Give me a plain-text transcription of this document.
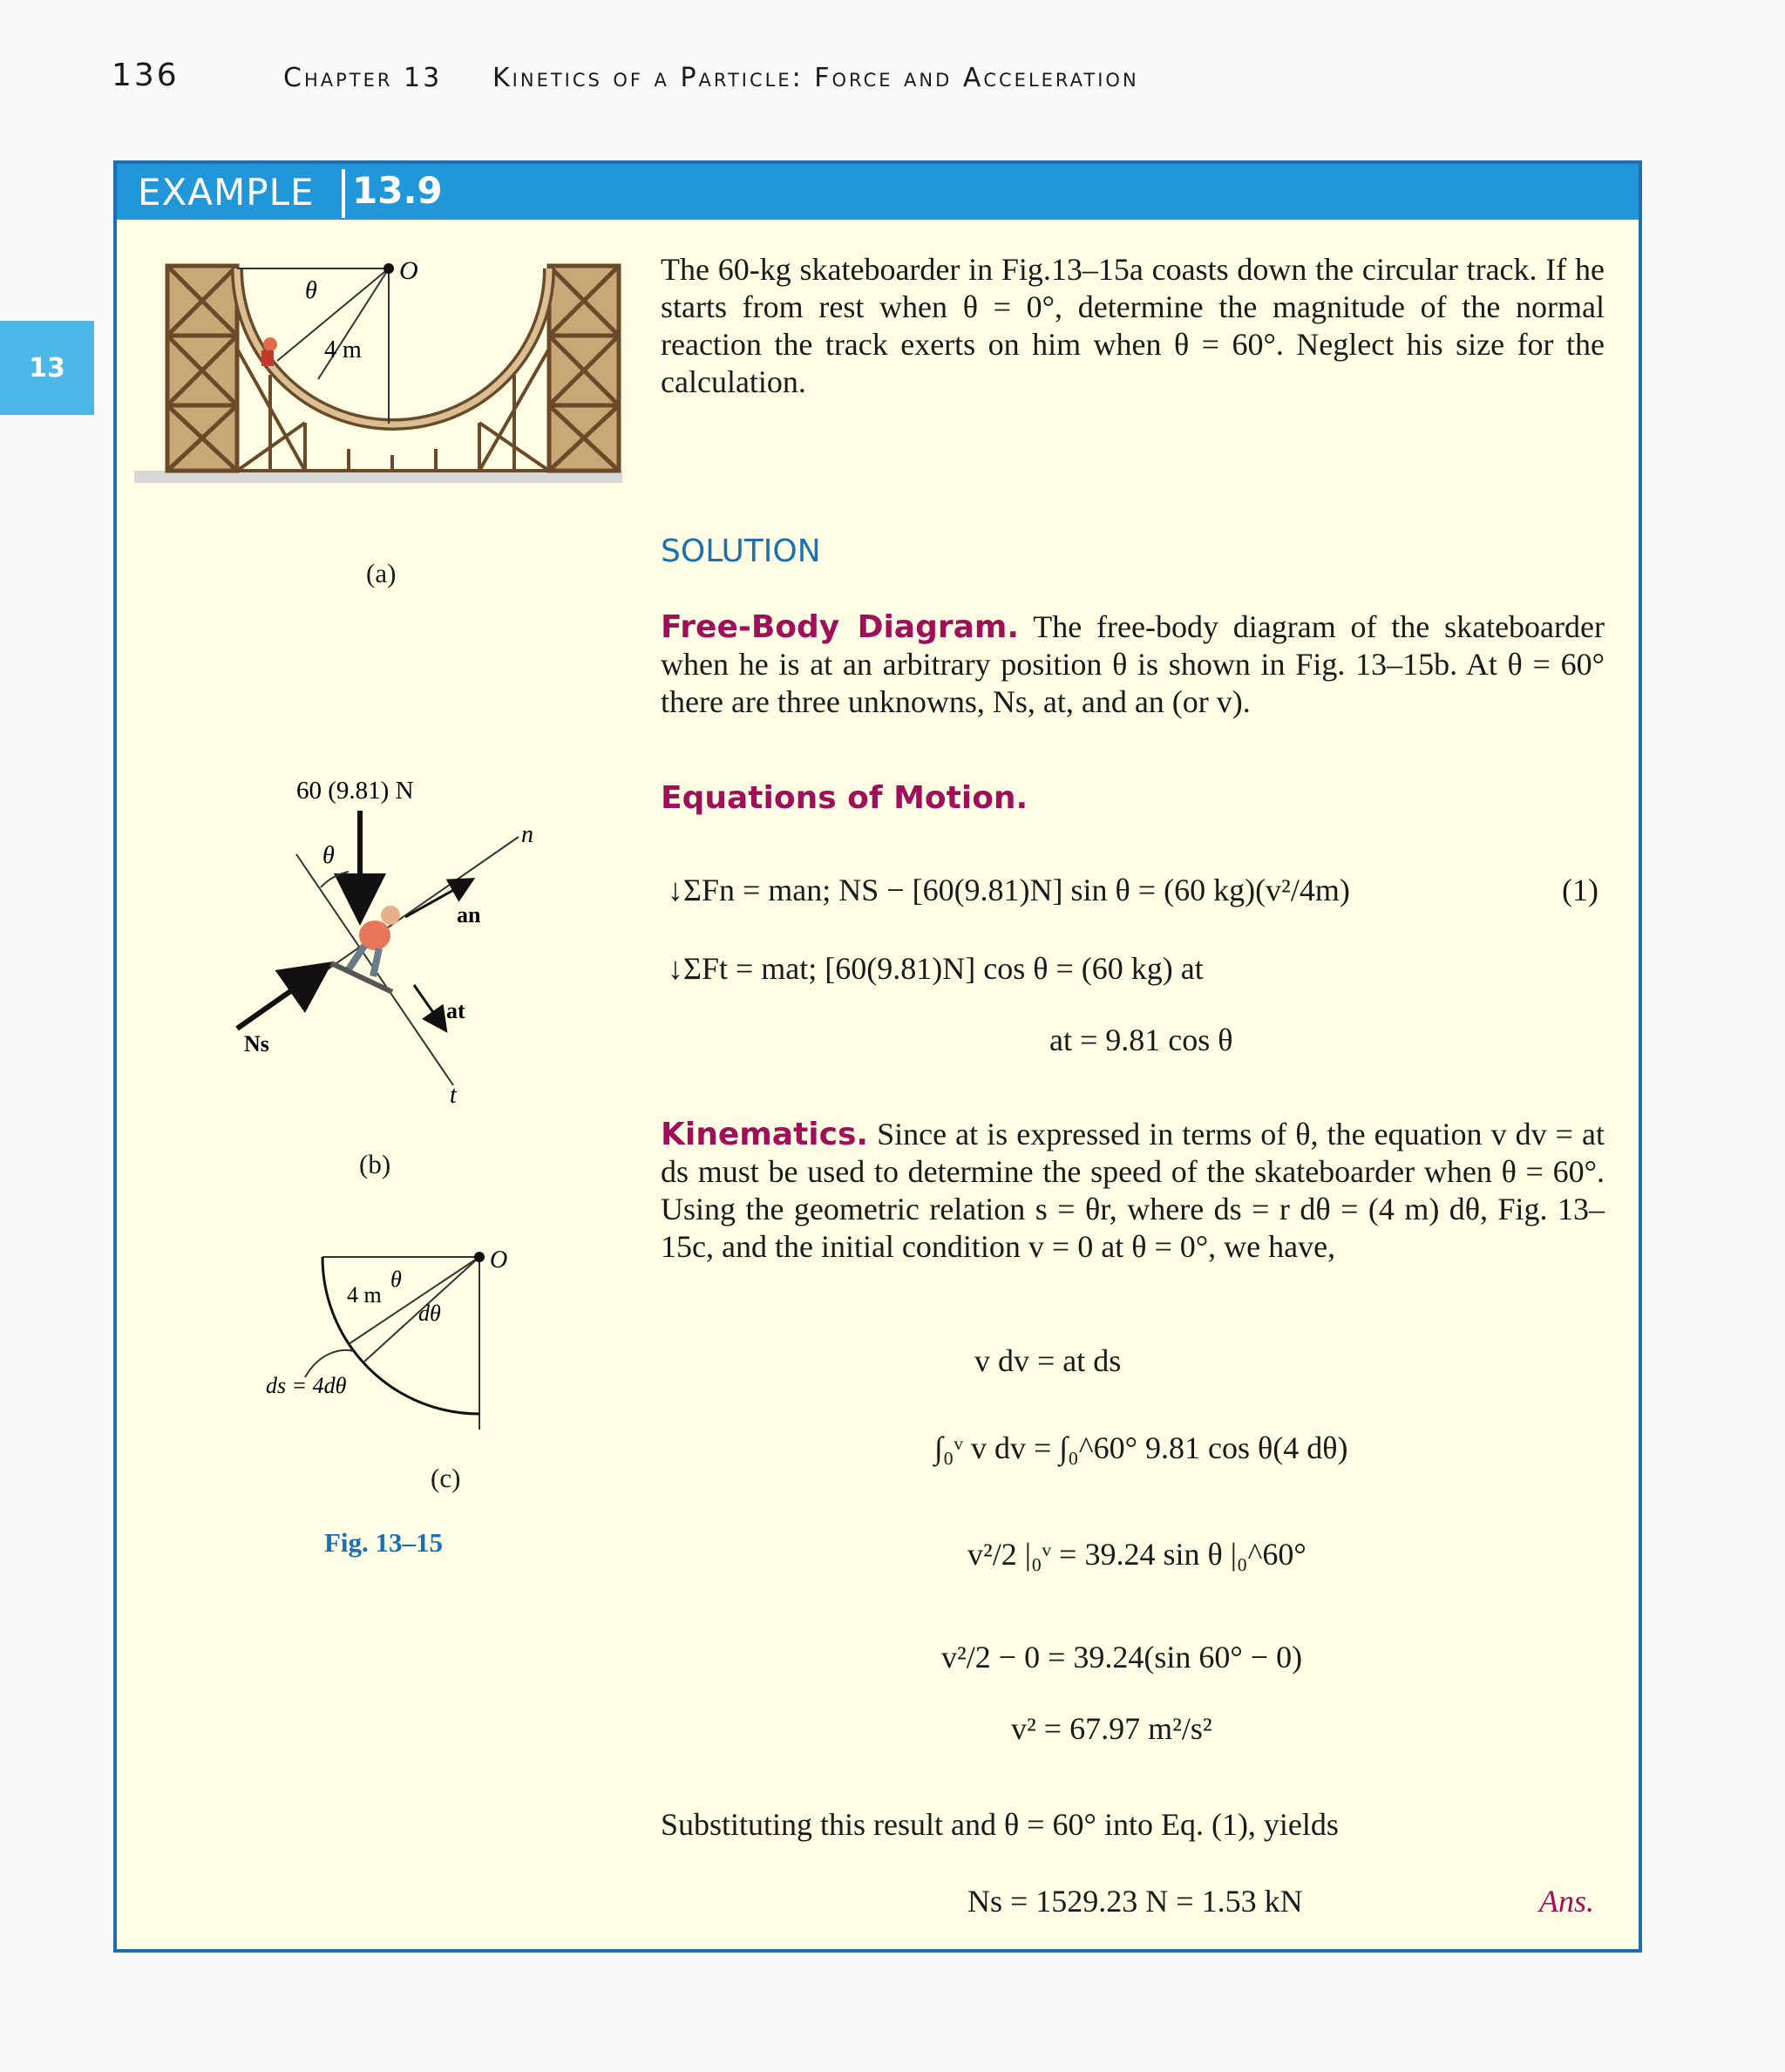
136	Chapter 13 Kinetics of a Particle: Force and Acceleration
13
EXAMPLE 13.9
O
θ
4 m
(a)
60 (9.81) N
θ
n
t
an
at
Ns
(b)
O
θ
4 m
dθ
ds = 4dθ
(c)
Fig. 13–15
The 60-kg skateboarder in Fig.13–15a coasts down the circular track. If he starts from rest when θ = 0°, determine the magnitude of the normal reaction the track exerts on him when θ = 60°. Neglect his size for the calculation.
SOLUTION
Free-Body Diagram. The free-body diagram of the skateboarder when he is at an arbitrary position θ is shown in Fig. 13–15b. At θ = 60° there are three unknowns, Ns, at, and an (or v).
Equations of Motion.
↓ΣFn = man; NS − [60(9.81)N] sin θ = (60 kg)(v²/4m)	(1)
↓ΣFt = mat; [60(9.81)N] cos θ = (60 kg) at
at = 9.81 cos θ
Kinematics. Since at is expressed in terms of θ, the equation v dv = at ds must be used to determine the speed of the skateboarder when θ = 60°. Using the geometric relation s = θr, where ds = r dθ = (4 m) dθ, Fig. 13–15c, and the initial condition v = 0 at θ = 0°, we have,
v dv = at ds
∫₀ᵛ v dv = ∫₀^60° 9.81 cos θ(4 dθ)
v²/2 |₀ᵛ = 39.24 sin θ |₀^60°
v²/2 − 0 = 39.24(sin 60° − 0)
v² = 67.97 m²/s²
Substituting this result and θ = 60° into Eq. (1), yields
Ns = 1529.23 N = 1.53 kN	Ans.
